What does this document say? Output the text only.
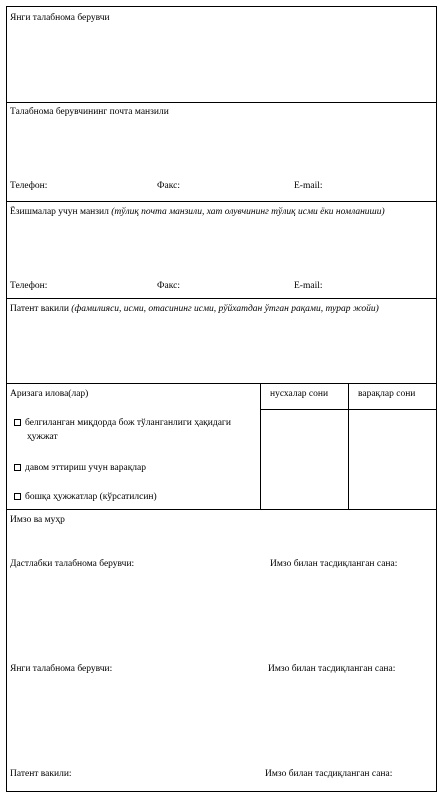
Янги талабнома берувчи
Талабнома берувчининг почта манзили
Телефон:	Факс:	E-mail:
Ёзишмалар учун манзил (тўлиқ почта манзили, хат олувчининг тўлиқ исми ёки номланиши)
Телефон:	Факс:	E-mail:
Патент вакили (фамилияси, исми, отасининг исми, рўйхатдан ўтган рақами, турар жойи)
Аризага илова(лар)	нусхалар сони	варақлар сони
белгиланган миқдорда бож тўланганлиги ҳақидаги ҳужжат
давом эттириш учун варақлар
бошқа ҳужжатлар (кўрсатилсин)
Имзо ва муҳр
Дастлабки талабнома берувчи:	Имзо билан тасдиқланган сана:
Янги талабнома берувчи:	Имзо билан тасдиқланган сана:
Патент вакили:	Имзо билан тасдиқланган сана:
